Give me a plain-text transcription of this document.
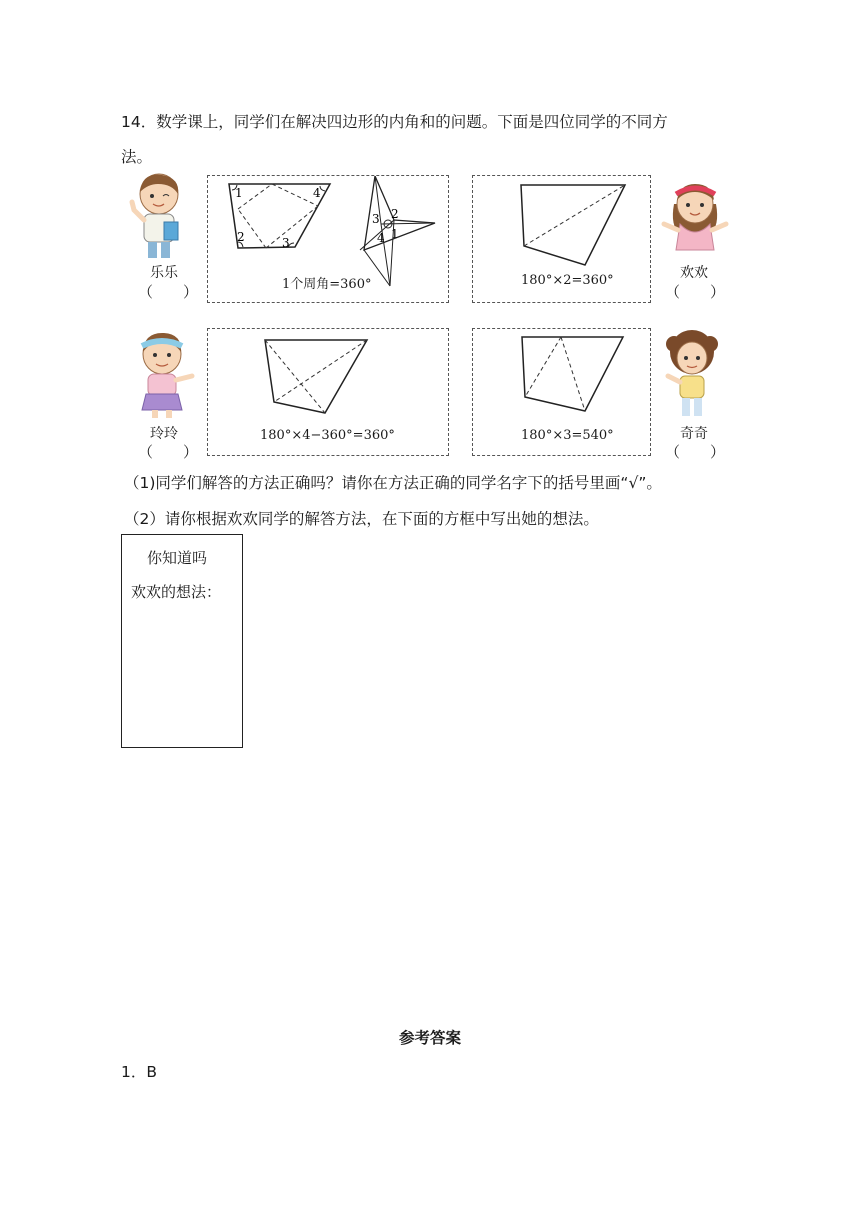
14．数学课上，同学们在解决四边形的内角和的问题。下面是四位同学的不同方
法。
乐乐
（　　）
1	4
2	3
3 2
4 1
1个周角=360°	180°×2=360°	欢欢
（　　）
玲玲
（　　）
180°×4−360°=360°	180°×3=540°	奇奇
（　　）
（1)同学们解答的方法正确吗？请你在方法正确的同学名字下的括号里画“√”。
（2）请你根据欢欢同学的解答方法，在下面的方框中写出她的想法。
你知道吗
欢欢的想法：
参考答案
1．B
